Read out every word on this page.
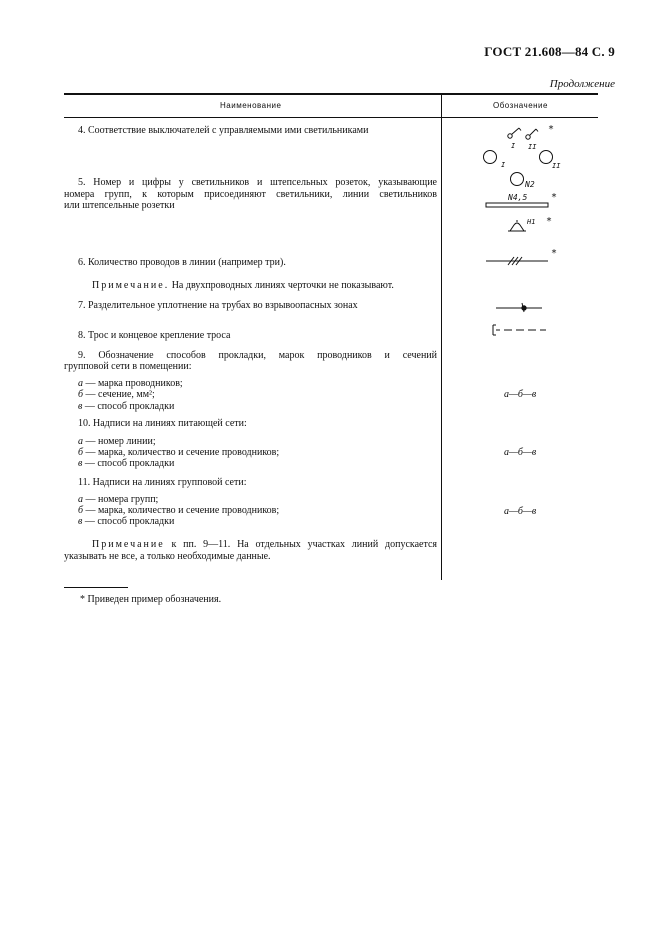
ГОСТ 21.608—84 С. 9
Продолжение
Наименование	Обозначение
4. Соответствие выключателей с управляемыми ими светильниками
5. Номер и цифры у светильников и штепсельных розеток, указывающие
номера групп, к которым присоединяют светильники, линии светильников
или штепсельные розетки
6. Количество проводов в линии (например три).
Примечание. На двухпроводных линиях черточки не показывают.
7. Разделительное уплотнение на трубах во взрывоопасных зонах
8. Трос и концевое крепление троса
9. Обозначение способов прокладки, марок проводников и сечений
групповой сети в помещении:
а — марка проводников;
б — сечение, мм²;
в — способ прокладки
10. Надписи на линиях питающей сети:
а — номер линии;
б — марка, количество и сечение проводников;
в — способ прокладки
11. Надписи на линиях групповой сети:
а — номера групп;
б — марка, количество и сечение проводников;
в — способ прокладки
Примечание к пп. 9—11. На отдельных участках линий допускается
указывать не все, а только необходимые данные.
а—б—в
а—б—в
а—б—в
I II
I	II
*
N2
N4,5
H1
*
*
*
* Приведен пример обозначения.
